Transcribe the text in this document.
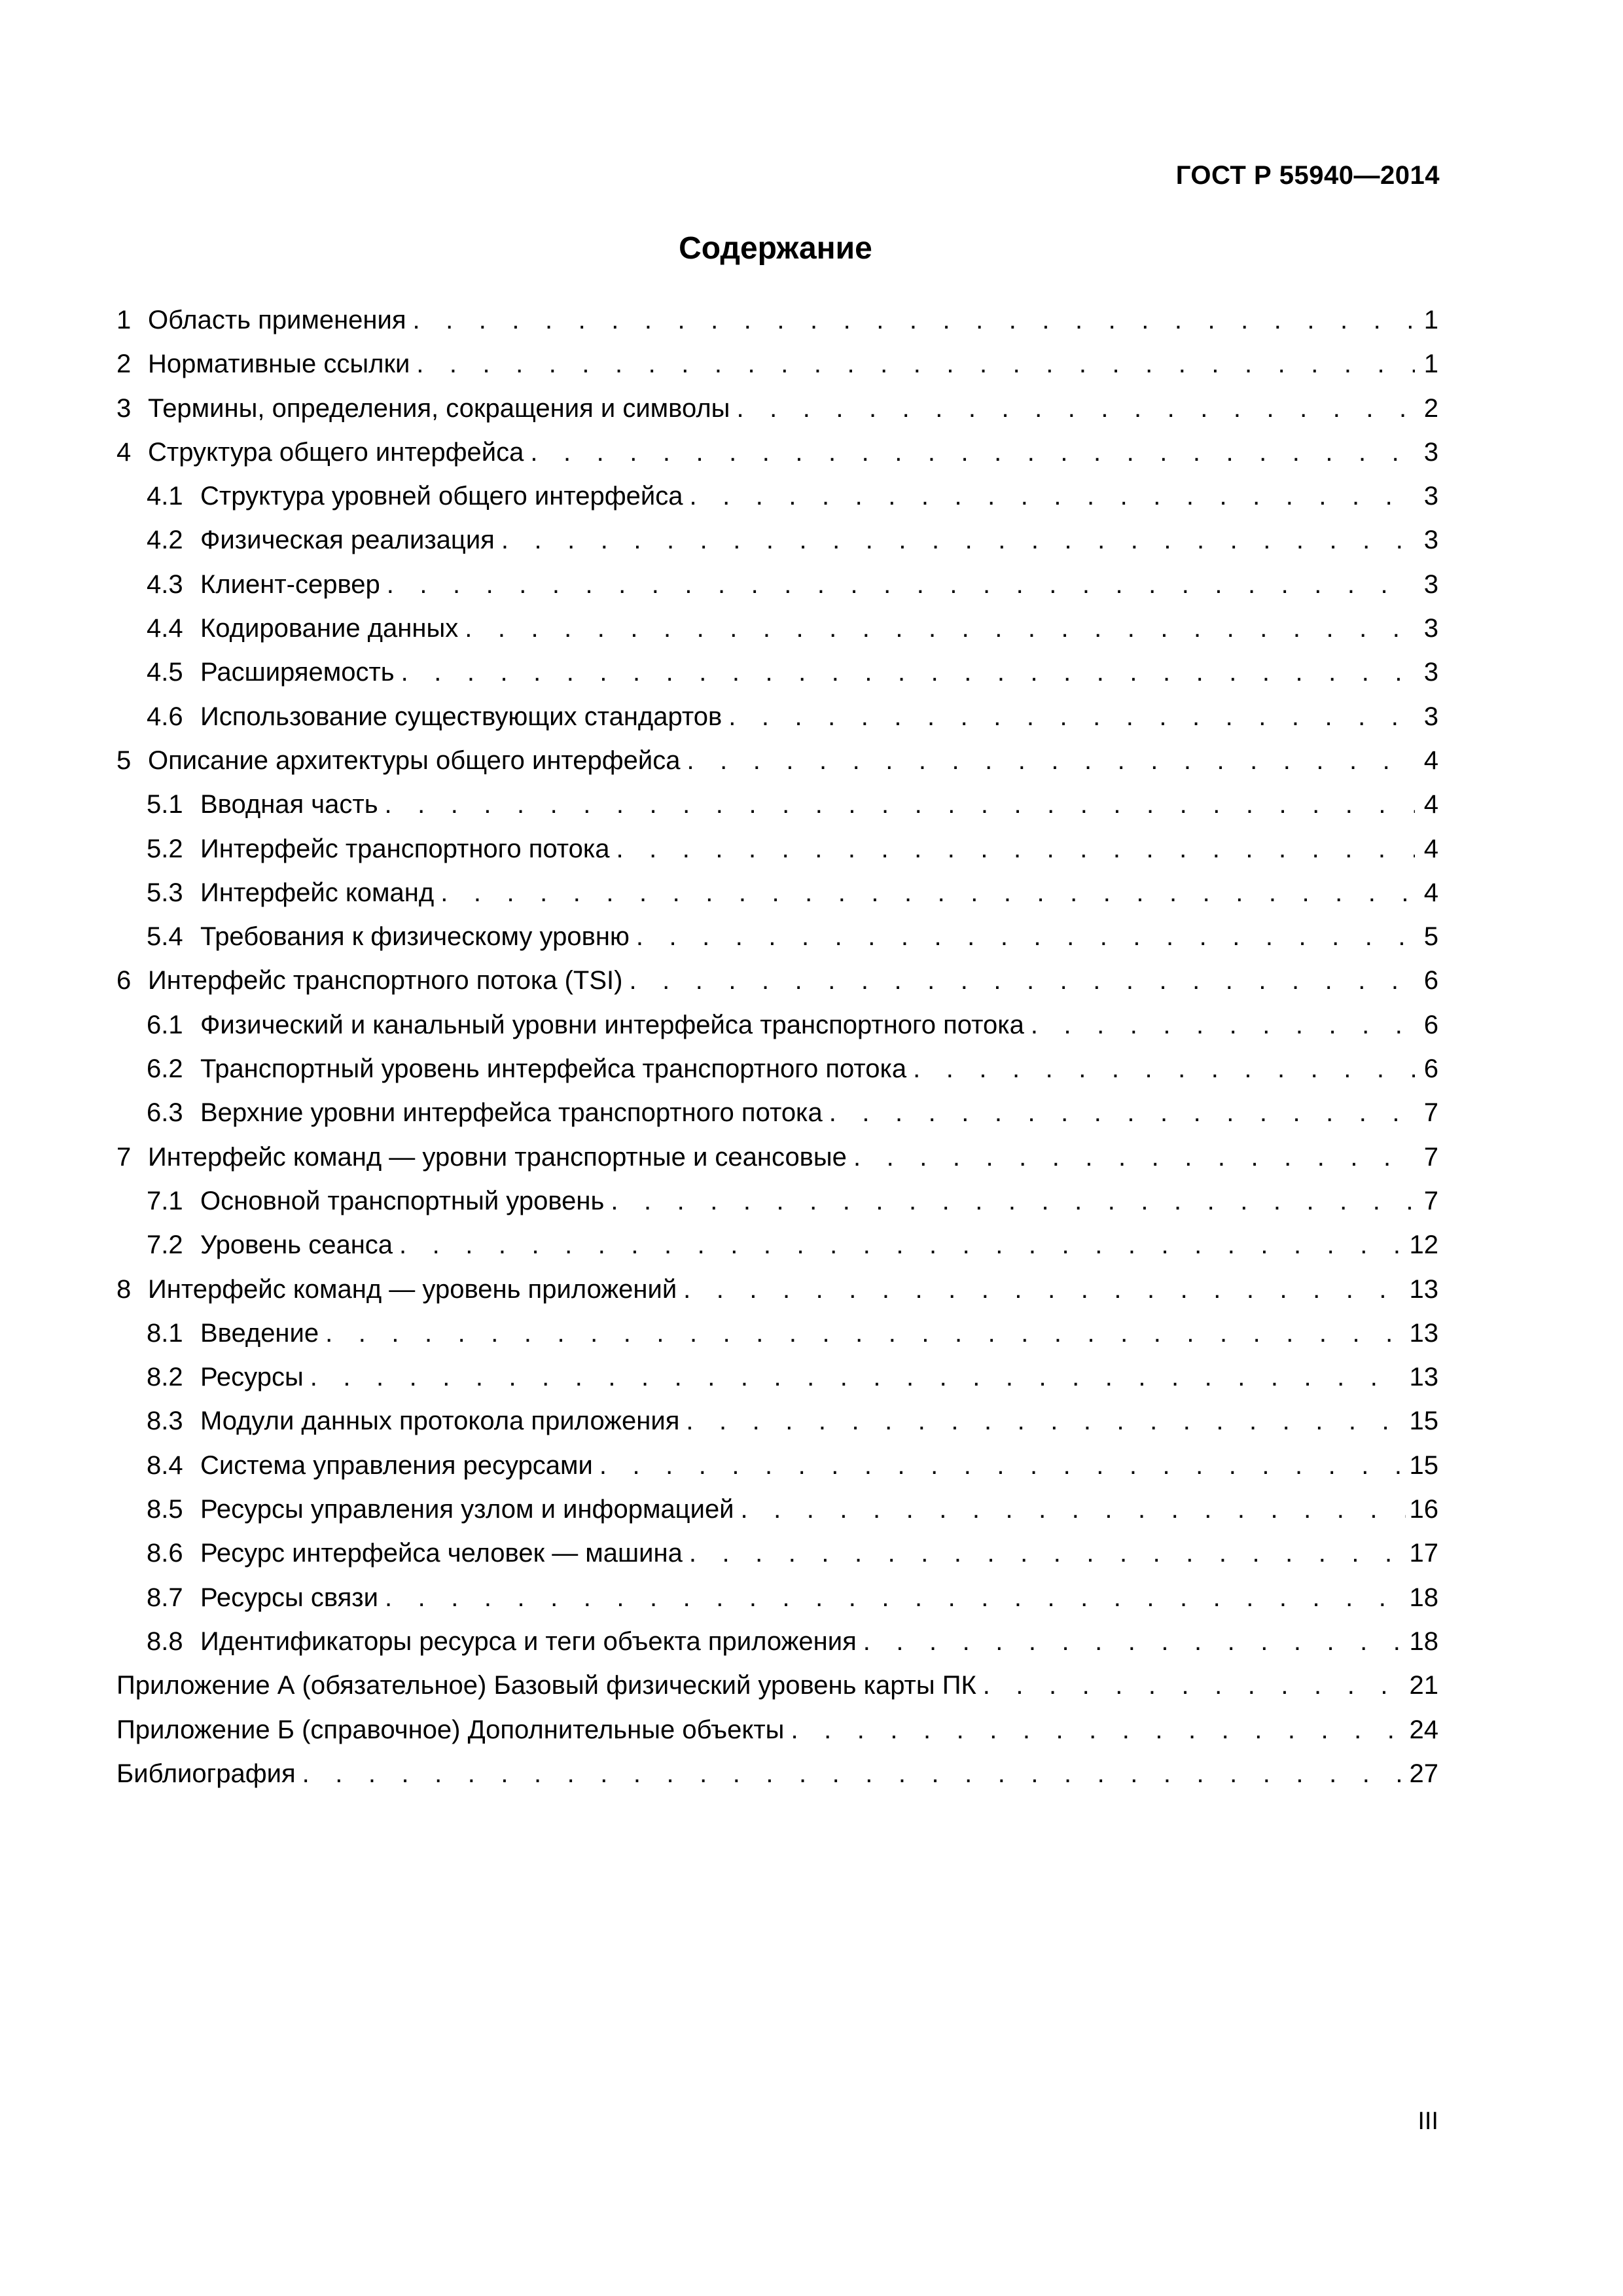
ГОСТ Р 55940—2014
Содержание
1 Область применения . . .	1
2 Нормативные ссылки . . .	1
3 Термины, определения, сокращения и символы . . .	2
4 Структура общего интерфейса . . .	3
4.1 Структура уровней общего интерфейса . . .	3
4.2 Физическая реализация . . .	3
4.3 Клиент-сервер . . .	3
4.4 Кодирование данных . . .	3
4.5 Расширяемость . . .	3
4.6 Использование существующих стандартов . . .	3
5 Описание архитектуры общего интерфейса . . .	4
5.1 Вводная часть . . .	4
5.2 Интерфейс транспортного потока . . .	4
5.3 Интерфейс команд . . .	4
5.4 Требования к физическому уровню . . .	5
6 Интерфейс транспортного потока (TSI) . . .	6
6.1 Физический и канальный уровни интерфейса транспортного потока . . .	6
6.2 Транспортный уровень интерфейса транспортного потока . . .	6
6.3 Верхние уровни интерфейса транспортного потока . . .	7
7 Интерфейс команд — уровни транспортные и сеансовые . . .	7
7.1 Основной транспортный уровень . . .	7
7.2 Уровень сеанса . . .	12
8 Интерфейс команд — уровень приложений . . .	13
8.1 Введение . . .	13
8.2 Ресурсы . . .	13
8.3 Модули данных протокола приложения . . .	15
8.4 Система управления ресурсами . . .	15
8.5 Ресурсы управления узлом и информацией . . .	16
8.6 Ресурс интерфейса человек — машина . . .	17
8.7 Ресурсы связи . . .	18
8.8 Идентификаторы ресурса и теги объекта приложения . . .	18
Приложение А (обязательное) Базовый физический уровень карты ПК . . .	21
Приложение Б (справочное) Дополнительные объекты . . .	24
Библиография . . .	27
III
